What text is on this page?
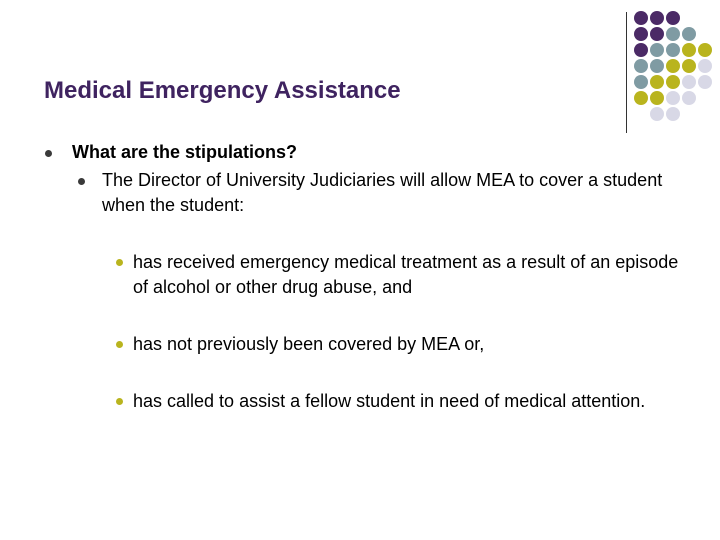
Medical Emergency Assistance
What are the stipulations?
The Director of University Judiciaries will allow MEA to cover a student when the student:
has received emergency medical treatment as a result of an episode of alcohol or other drug abuse, and
has not previously been covered by MEA or,
has called to assist a fellow student in need of medical attention.
